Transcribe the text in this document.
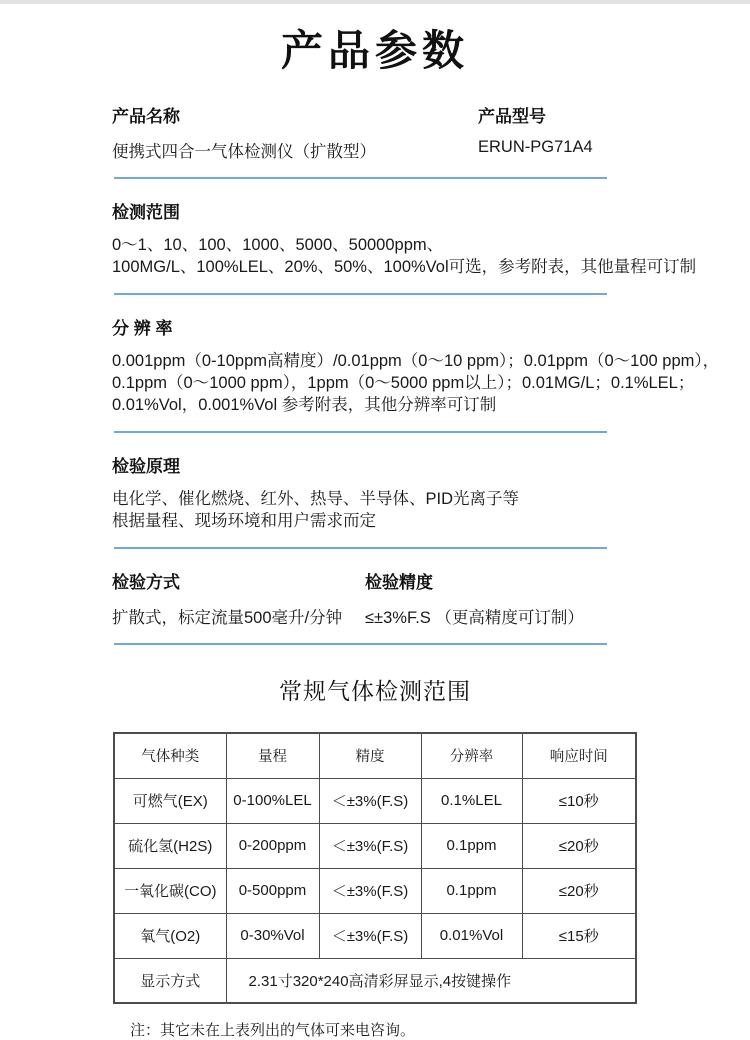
产品参数

产品名称

便携式四合一气体检测仪（扩散型）

产品型号

ERUN-PG71A4

检测范围

0～1、10、100、1000、5000、50000ppm、

100MG/L、100%LEL、20%、50%、100%Vol可选，参考附表，其他量程可订制

分 辨 率

0.001ppm（0-10ppm高精度）/0.01ppm（0～10 ppm）；0.01ppm（0～100 ppm），

0.1ppm（0～1000 ppm），1ppm（0～5000 ppm以上）；0.01MG/L；0.1%LEL；

0.01%Vol，0.001%Vol 参考附表，其他分辨率可订制

检验原理

电化学、催化燃烧、红外、热导、半导体、PID光离子等

根据量程、现场环境和用户需求而定

检验方式

扩散式，标定流量500毫升/分钟

检验精度

≤±3%F.S （更高精度可订制）

常规气体检测范围
气体种类	量程	精度	分辨率	响应时间
可燃气(EX)	0-100%LEL	＜±3%(F.S)	0.1%LEL	≤10秒
硫化氢(H2S)	0-200ppm	＜±3%(F.S)	0.1ppm	≤20秒
一氧化碳(CO)	0-500ppm	＜±3%(F.S)	0.1ppm	≤20秒
氧气(O2)	0-30%Vol	＜±3%(F.S)	0.01%Vol	≤15秒
显示方式	2.31寸320*240高清彩屏显示,4按键操作			

注：其它未在上表列出的气体可来电咨询。
